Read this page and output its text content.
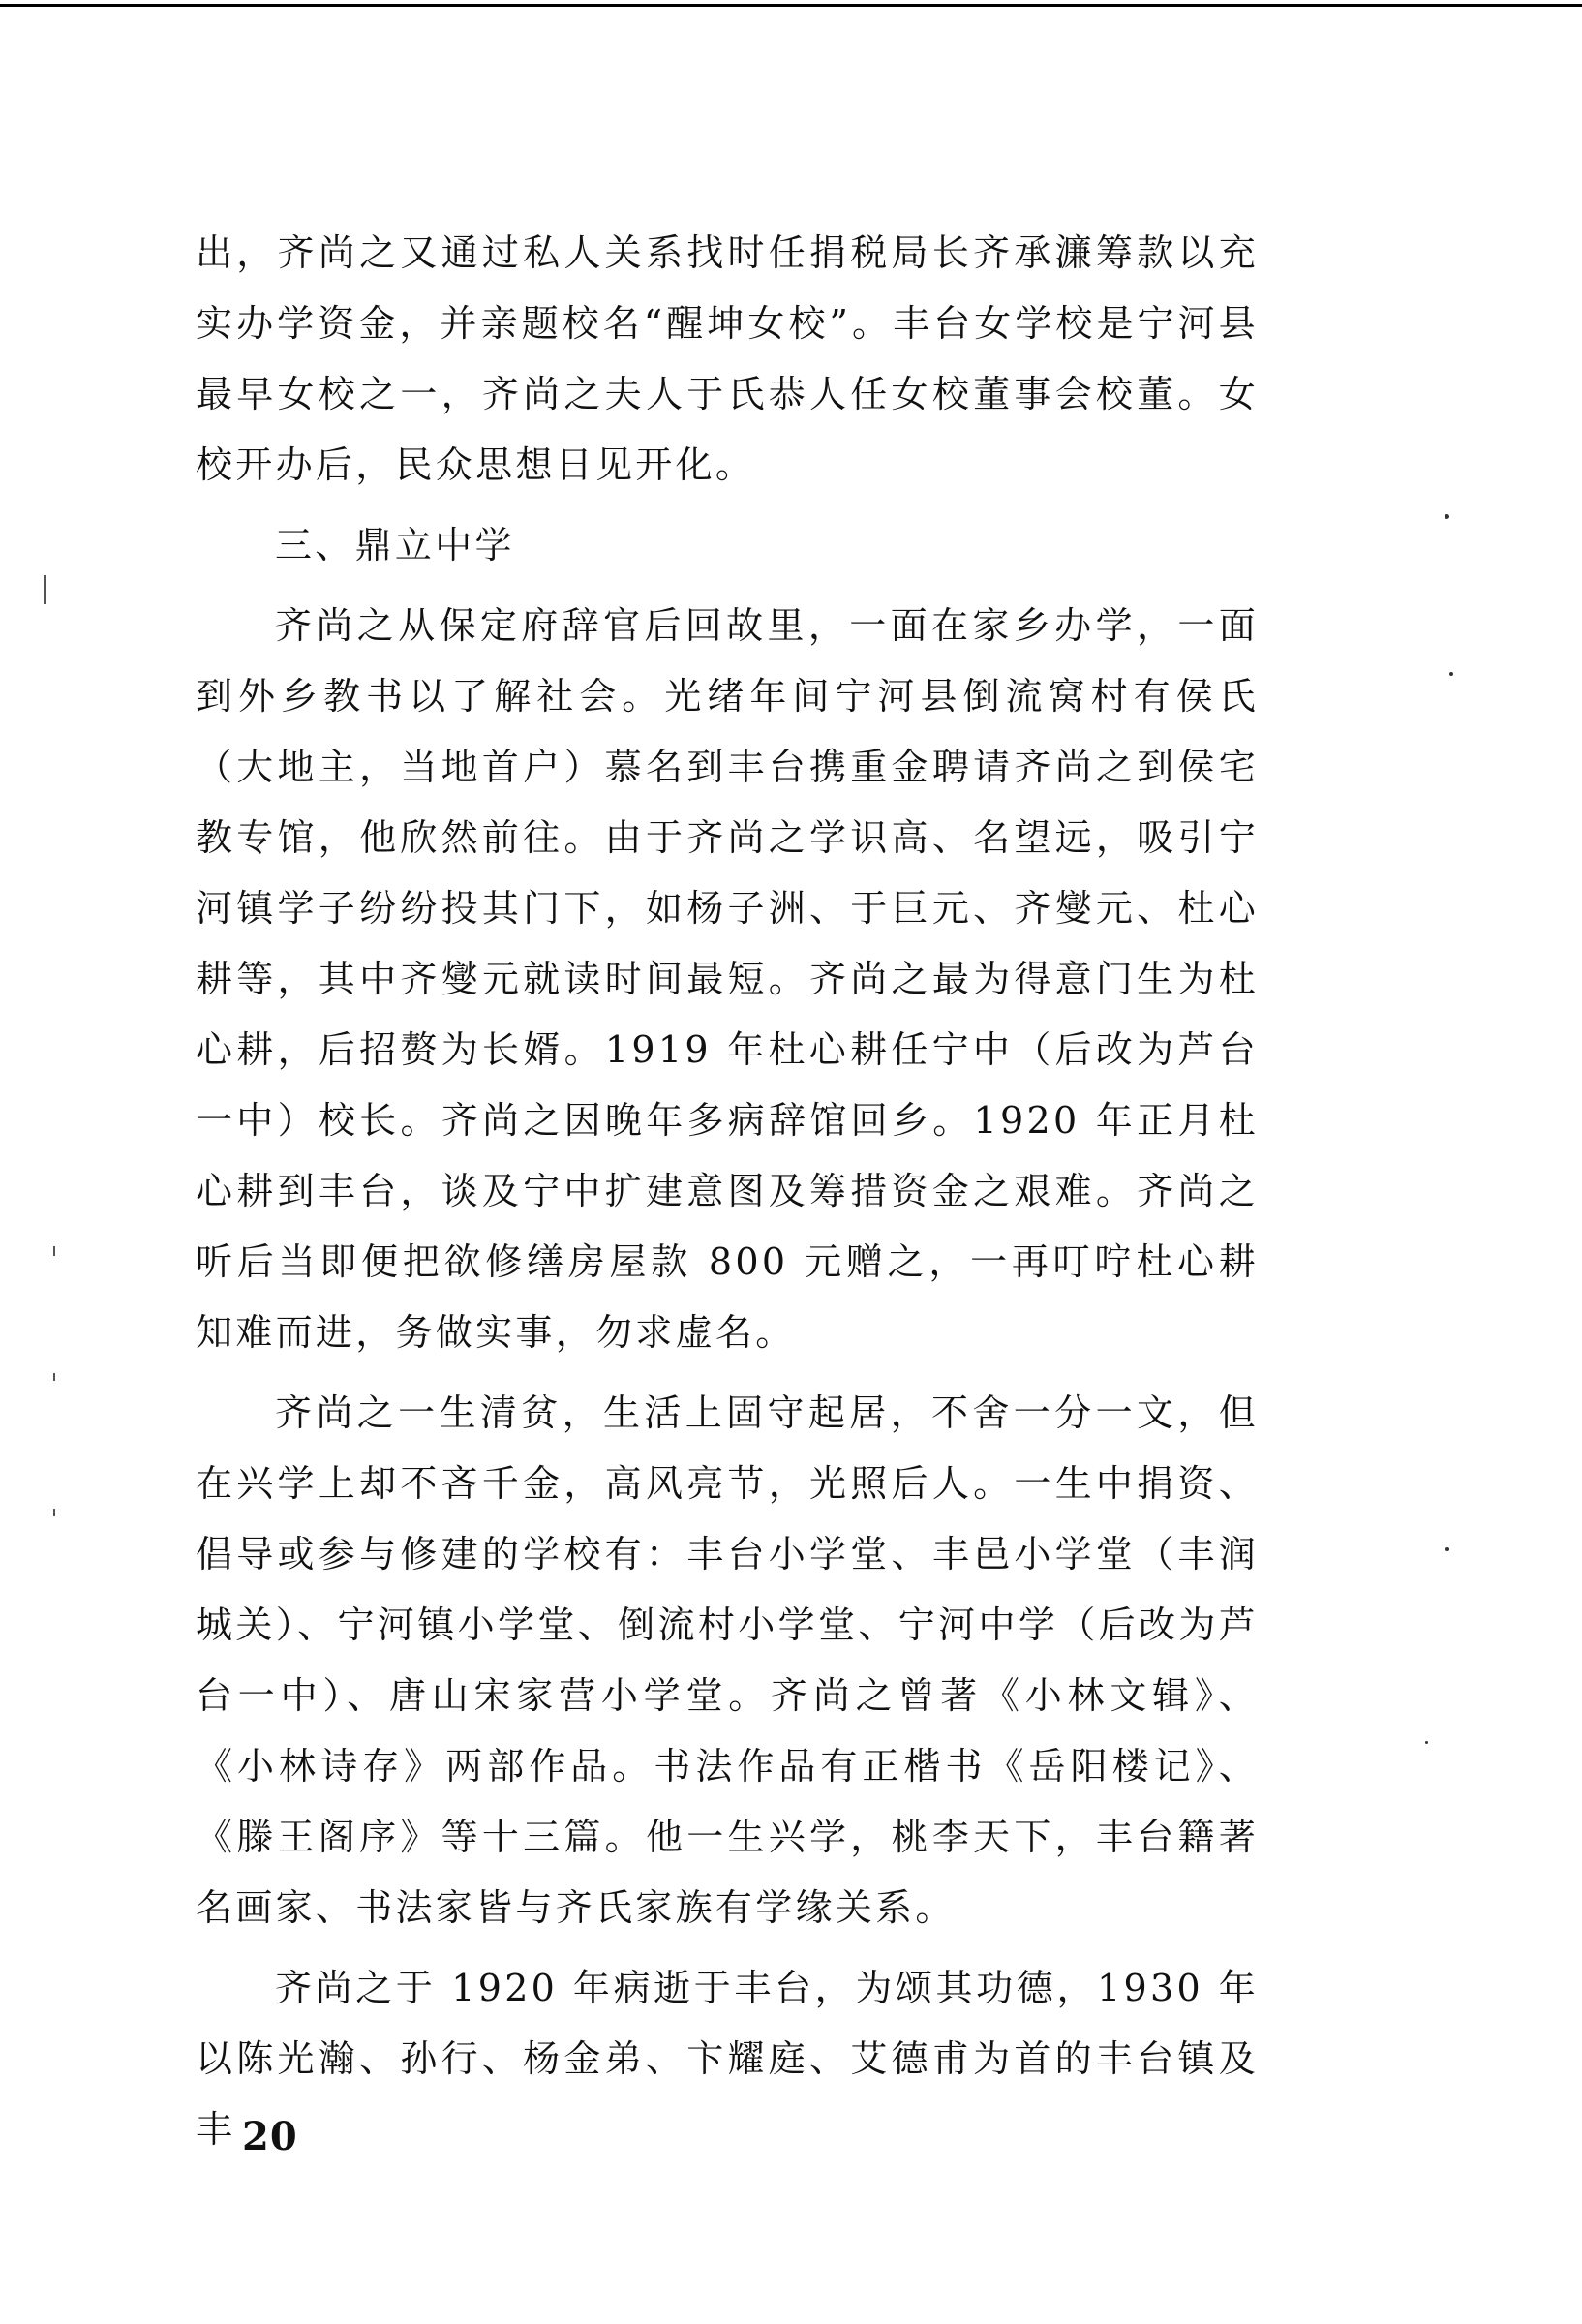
出，齐尚之又通过私人关系找时任捐税局长齐承濂筹款以充实办学资金，并亲题校名“醒坤女校”。丰台女学校是宁河县最早女校之一，齐尚之夫人于氏恭人任女校董事会校董。女校开办后，民众思想日见开化。

三、鼎立中学

齐尚之从保定府辞官后回故里，一面在家乡办学，一面到外乡教书以了解社会。光绪年间宁河县倒流窝村有侯氏（大地主，当地首户）慕名到丰台携重金聘请齐尚之到侯宅教专馆，他欣然前往。由于齐尚之学识高、名望远，吸引宁河镇学子纷纷投其门下，如杨子洲、于巨元、齐燮元、杜心耕等，其中齐燮元就读时间最短。齐尚之最为得意门生为杜心耕，后招赘为长婿。1919 年杜心耕任宁中（后改为芦台一中）校长。齐尚之因晚年多病辞馆回乡。1920 年正月杜心耕到丰台，谈及宁中扩建意图及筹措资金之艰难。齐尚之听后当即便把欲修缮房屋款 800 元赠之，一再叮咛杜心耕知难而进，务做实事，勿求虚名。

齐尚之一生清贫，生活上固守起居，不舍一分一文，但在兴学上却不吝千金，高风亮节，光照后人。一生中捐资、倡导或参与修建的学校有：丰台小学堂、丰邑小学堂（丰润城关）、宁河镇小学堂、倒流村小学堂、宁河中学（后改为芦台一中）、唐山宋家营小学堂。齐尚之曾著《小林文辑》、《小林诗存》两部作品。书法作品有正楷书《岳阳楼记》、《滕王阁序》等十三篇。他一生兴学，桃李天下，丰台籍著名画家、书法家皆与齐氏家族有学缘关系。

齐尚之于 1920 年病逝于丰台，为颂其功德，1930 年以陈光瀚、孙行、杨金弟、卞耀庭、艾德甫为首的丰台镇及丰 20
